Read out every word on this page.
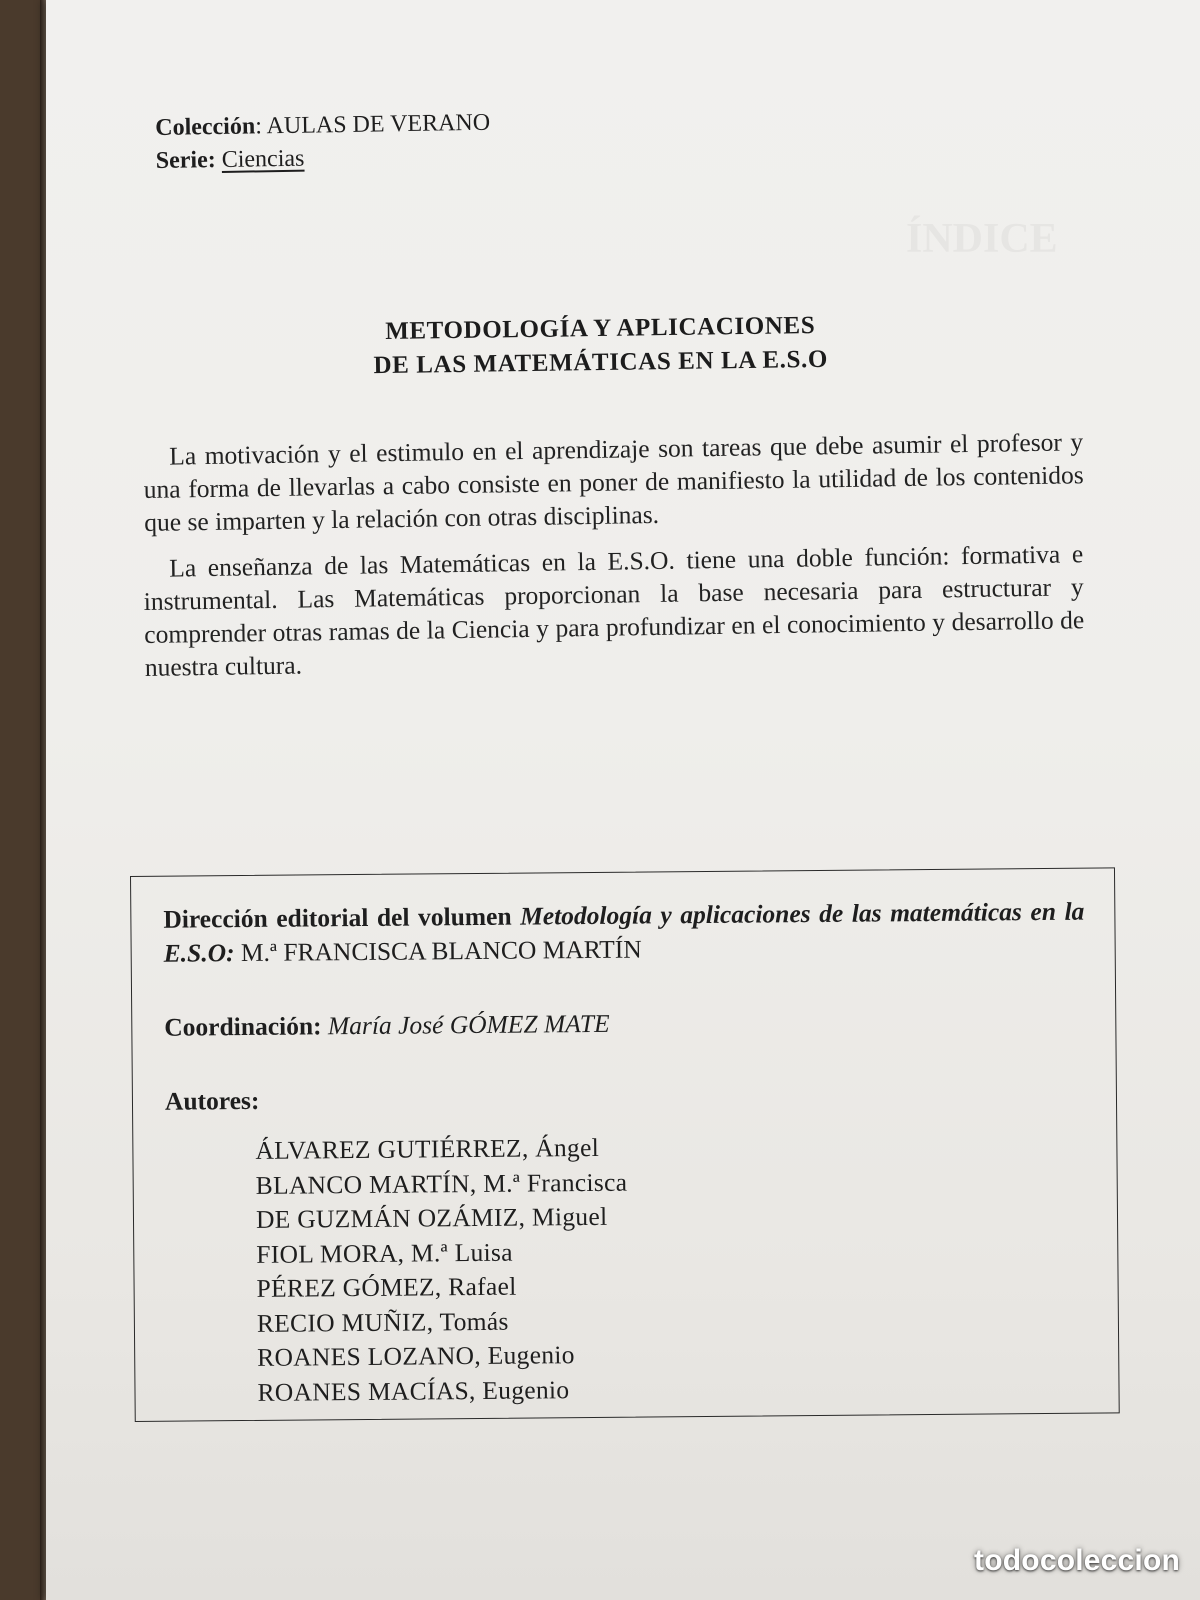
ÍNDICE
Colección: AULAS DE VERANO
Serie: Ciencias
METODOLOGÍA Y APLICACIONES
DE LAS MATEMÁTICAS EN LA E.S.O
La motivación y el estimulo en el aprendizaje son tareas que debe asumir el profesor y una forma de llevarlas a cabo consiste en poner de manifiesto la utilidad de los contenidos que se imparten y la relación con otras disciplinas.
La enseñanza de las Matemáticas en la E.S.O. tiene una doble función: formativa e instrumental. Las Matemáticas proporcionan la base necesaria para estructurar y comprender otras ramas de la Ciencia y para profundizar en el conocimiento y desarrollo de nuestra cultura.
Dirección editorial del volumen Metodología y aplicaciones de las matemáticas en la E.S.O: M.ª FRANCISCA BLANCO MARTÍN
Coordinación: María José GÓMEZ MATE
Autores:
ÁLVAREZ GUTIÉRREZ, Ángel
BLANCO MARTÍN, M.ª Francisca
DE GUZMÁN OZÁMIZ, Miguel
FIOL MORA, M.ª Luisa
PÉREZ GÓMEZ, Rafael
RECIO MUÑIZ, Tomás
ROANES LOZANO, Eugenio
ROANES MACÍAS, Eugenio
todocoleccion
